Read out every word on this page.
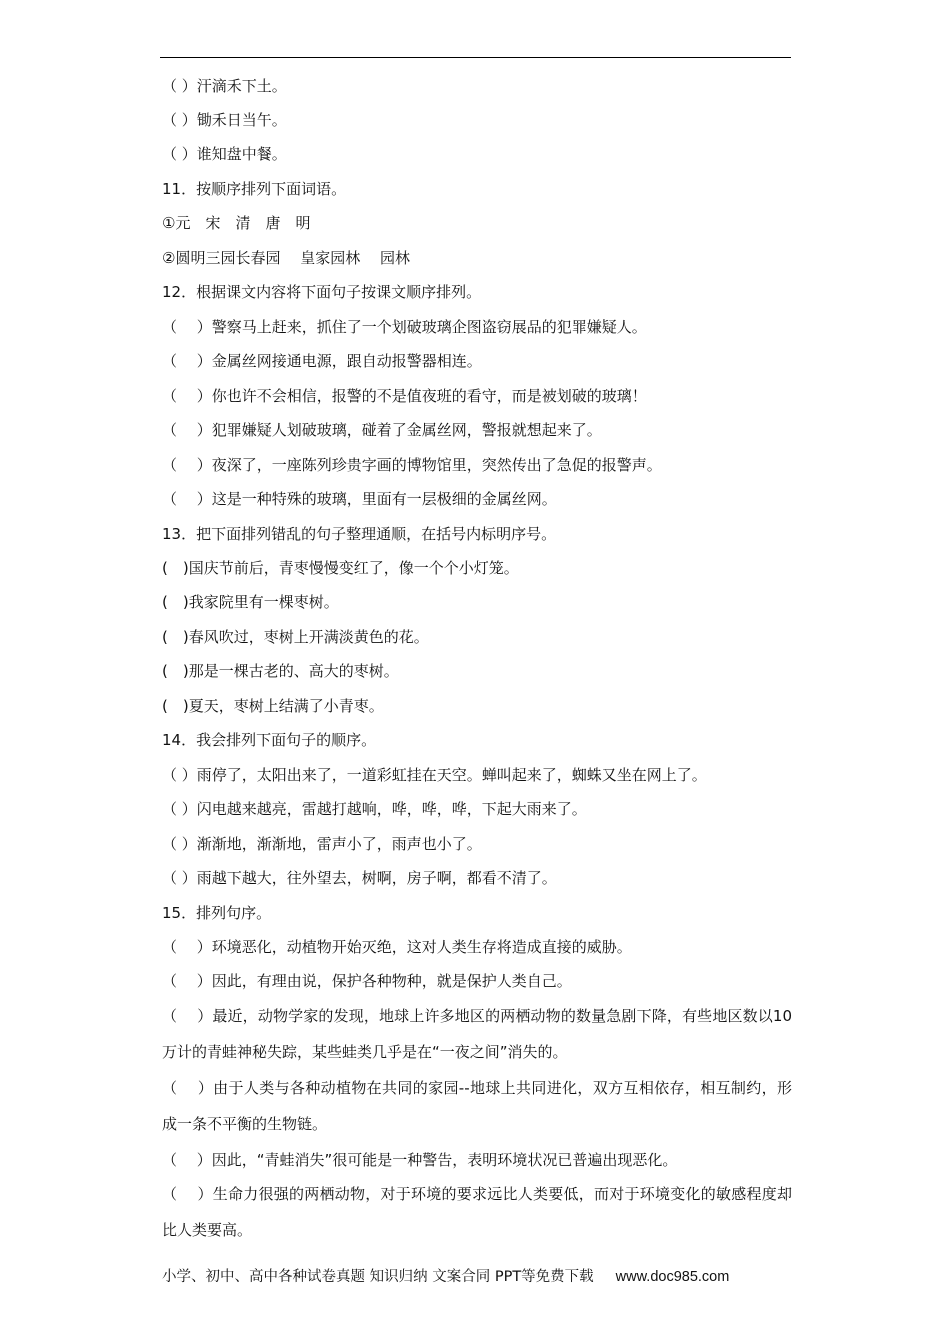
（ ）汗滴禾下土。
（ ）锄禾日当午。
（ ）谁知盘中餐。
11．按顺序排列下面词语。
①元　宋　清　唐　明
②圆明三园长春园　 皇家园林　 园林
12．根据课文内容将下面句子按课文顺序排列。
（　 ）警察马上赶来，抓住了一个划破玻璃企图盗窃展品的犯罪嫌疑人。
（　 ）金属丝网接通电源，跟自动报警器相连。
（　 ）你也许不会相信，报警的不是值夜班的看守，而是被划破的玻璃！
（　 ）犯罪嫌疑人划破玻璃，碰着了金属丝网，警报就想起来了。
（　 ）夜深了，一座陈列珍贵字画的博物馆里，突然传出了急促的报警声。
（　 ）这是一种特殊的玻璃，里面有一层极细的金属丝网。
13．把下面排列错乱的句子整理通顺，在括号内标明序号。
(　)国庆节前后，青枣慢慢变红了，像一个个小灯笼。
(　)我家院里有一棵枣树。
(　)春风吹过，枣树上开满淡黄色的花。
(　)那是一棵古老的、高大的枣树。
(　)夏天，枣树上结满了小青枣。
14．我会排列下面句子的顺序。
（ ）雨停了，太阳出来了，一道彩虹挂在天空。蝉叫起来了，蜘蛛又坐在网上了。
（ ）闪电越来越亮，雷越打越响，哗，哗，哗，下起大雨来了。
（ ）渐渐地，渐渐地，雷声小了，雨声也小了。
（ ）雨越下越大，往外望去，树啊，房子啊，都看不清了。
15．排列句序。
（　 ）环境恶化，动植物开始灭绝，这对人类生存将造成直接的威胁。
（　 ）因此，有理由说，保护各种物种，就是保护人类自己。
（　 ）最近，动物学家的发现，地球上许多地区的两栖动物的数量急剧下降，有些地区数以10万计的青蛙神秘失踪，某些蛙类几乎是在“一夜之间”消失的。
（　 ）由于人类与各种动植物在共同的家园--地球上共同进化，双方互相依存，相互制约，形成一条不平衡的生物链。
（　 ）因此，“青蛙消失”很可能是一种警告，表明环境状况已普遍出现恶化。
（　 ）生命力很强的两栖动物，对于环境的要求远比人类要低，而对于环境变化的敏感程度却比人类要高。
小学、初中、高中各种试卷真题 知识归纳 文案合同 PPT等免费下载 www.doc985.com
